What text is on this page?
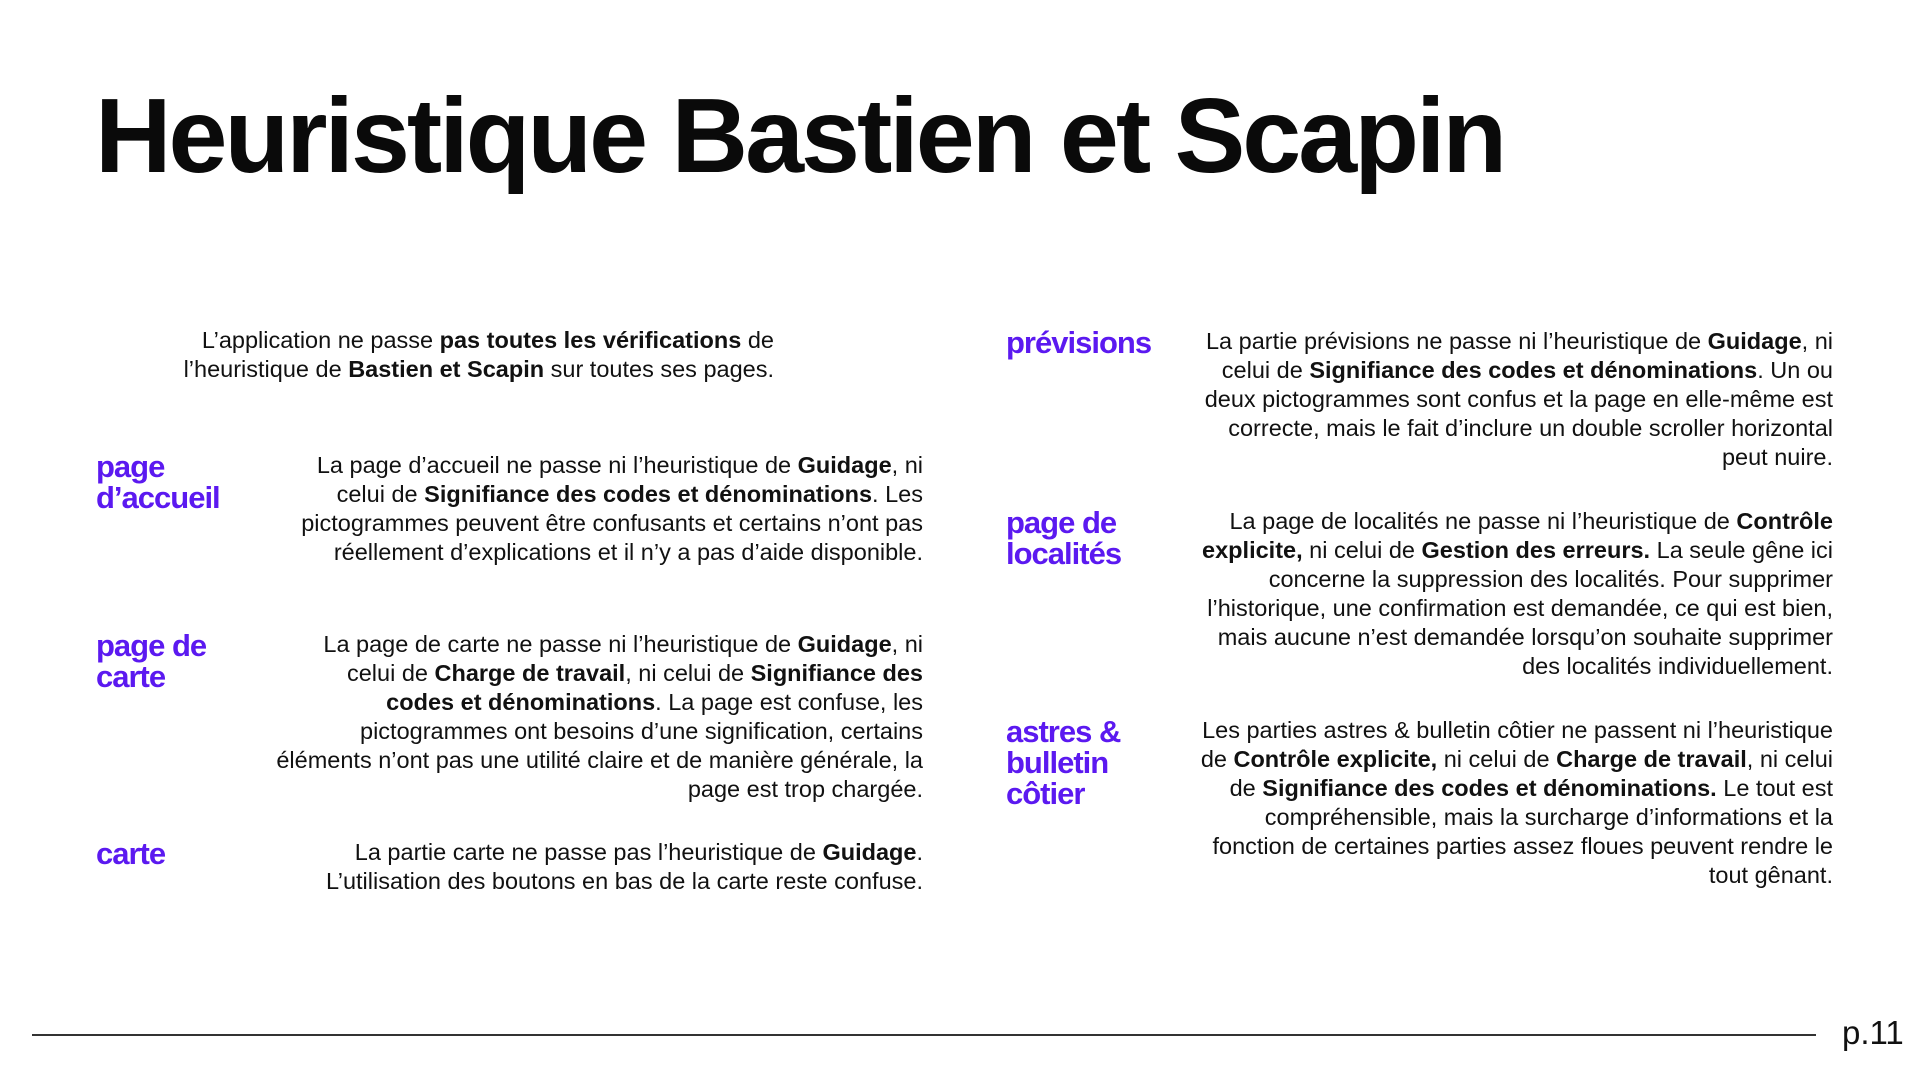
Heuristique Bastien et Scapin

L’application ne passe pas toutes les vérifications de l’heuristique de Bastien et Scapin sur toutes ses pages.

page d’accueil

La page d’accueil ne passe ni l’heuristique de Guidage, ni celui de Signifiance des codes et dénominations. Les pictogrammes peuvent être confusants et certains n’ont pas réellement d’explications et il n’y a pas d’aide disponible.

page de carte

La page de carte ne passe ni l’heuristique de Guidage, ni celui de Charge de travail, ni celui de Signifiance des codes et dénominations. La page est confuse, les pictogrammes ont besoins d’une signification, certains éléments n’ont pas une utilité claire et de manière générale, la page est trop chargée.

carte	La partie carte ne passe pas l’heuristique de Guidage. L’utilisation des boutons en bas de la carte reste confuse.

prévisions	La partie prévisions ne passe ni l’heuristique de Guidage, ni celui de Signifiance des codes et dénominations. Un ou deux pictogrammes sont confus et la page en elle-même est correcte, mais le fait d’inclure un double scroller horizontal peut nuire.

page de localités

La page de localités ne passe ni l’heuristique de Contrôle explicite, ni celui de Gestion des erreurs. La seule gêne ici concerne la suppression des localités. Pour supprimer l’historique, une confirmation est demandée, ce qui est bien, mais aucune n’est demandée lorsqu’on souhaite supprimer des localités individuellement.

astres & bulletin côtier

Les parties astres & bulletin côtier ne passent ni l’heuristique de Contrôle explicite, ni celui de Charge de travail, ni celui de Signifiance des codes et dénominations. Le tout est compréhensible, mais la surcharge d’informations et la fonction de certaines parties assez floues peuvent rendre le tout gênant.

p.11
